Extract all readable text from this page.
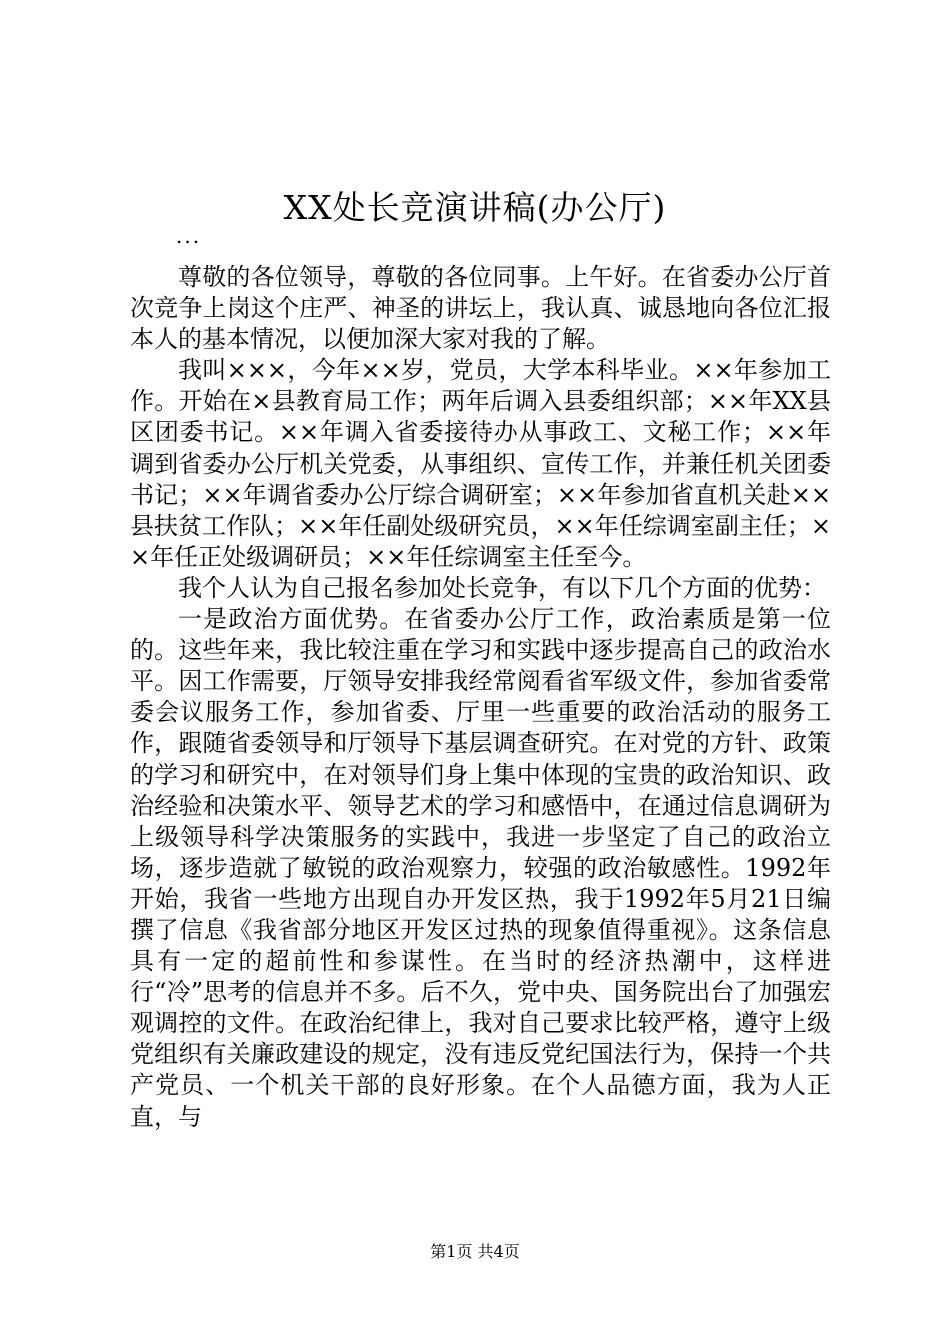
XX处长竞演讲稿(办公厅)
...

尊敬的各位领导，尊敬的各位同事。上午好。在省委办公厅首次竞争上岗这个庄严、神圣的讲坛上，我认真、诚恳地向各位汇报本人的基本情况，以便加深大家对我的了解。

我叫×××，今年××岁，党员，大学本科毕业。××年参加工作。开始在×县教育局工作；两年后调入县委组织部；××年XX县区团委书记。××年调入省委接待办从事政工、文秘工作；××年调到省委办公厅机关党委，从事组织、宣传工作，并兼任机关团委书记；××年调省委办公厅综合调研室；××年参加省直机关赴××县扶贫工作队；××年任副处级研究员，××年任综调室副主任；××年任正处级调研员；××年任综调室主任至今。

我个人认为自己报名参加处长竞争，有以下几个方面的优势：

一是政治方面优势。在省委办公厅工作，政治素质是第一位的。这些年来，我比较注重在学习和实践中逐步提高自己的政治水平。因工作需要，厅领导安排我经常阅看省军级文件，参加省委常委会议服务工作，参加省委、厅里一些重要的政治活动的服务工作，跟随省委领导和厅领导下基层调查研究。在对党的方针、政策的学习和研究中，在对领导们身上集中体现的宝贵的政治知识、政治经验和决策水平、领导艺术的学习和感悟中，在通过信息调研为上级领导科学决策服务的实践中，我进一步坚定了自己的政治立场，逐步造就了敏锐的政治观察力，较强的政治敏感性。1992年开始，我省一些地方出现自办开发区热，我于1992年5月21日编撰了信息《我省部分地区开发区过热的现象值得重视》。这条信息具有一定的超前性和参谋性。在当时的经济热潮中，这样进行“冷”思考的信息并不多。后不久，党中央、国务院出台了加强宏观调控的文件。在政治纪律上，我对自己要求比较严格，遵守上级党组织有关廉政建设的规定，没有违反党纪国法行为，保持一个共产党员、一个机关干部的良好形象。在个人品德方面，我为人正直，与

第1页 共4页
